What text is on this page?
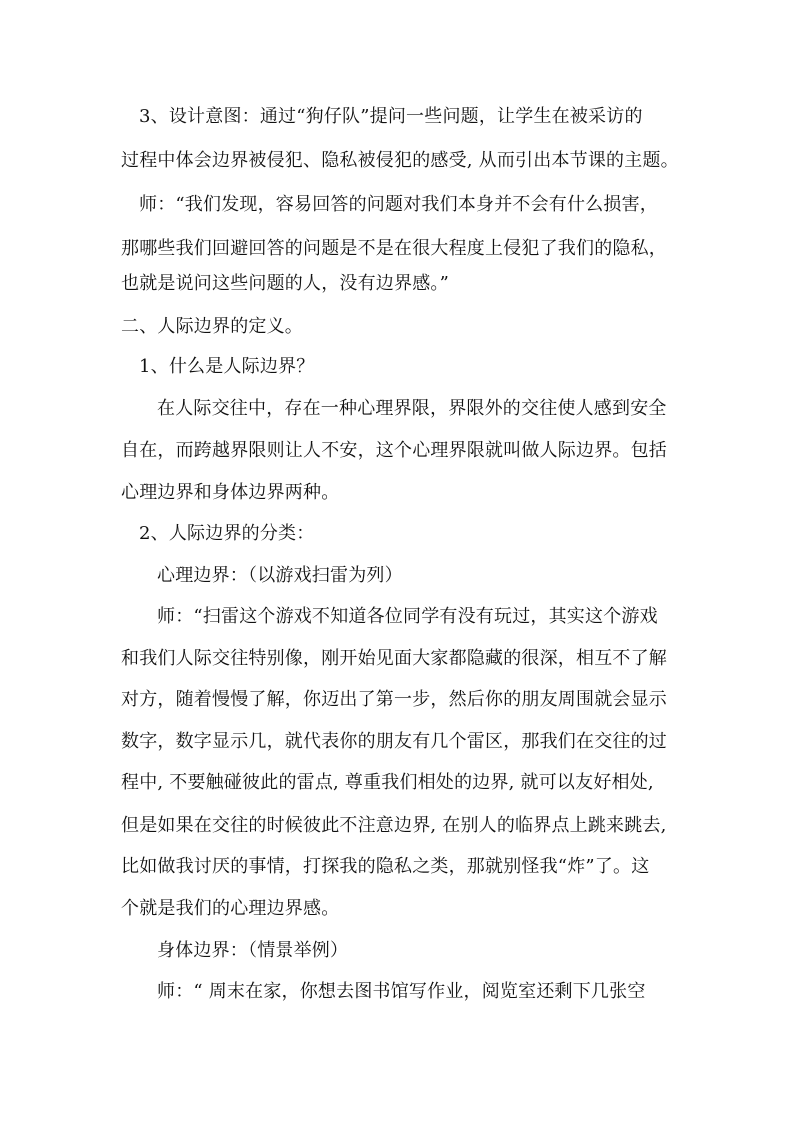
3、设计意图：通过“狗仔队”提问一些问题，让学生在被采访的
过程中体会边界被侵犯、隐私被侵犯的感受, 从而引出本节课的主题。
师：“我们发现，容易回答的问题对我们本身并不会有什么损害，
那哪些我们回避回答的问题是不是在很大程度上侵犯了我们的隐私，
也就是说问这些问题的人，没有边界感。”
二、人际边界的定义。
1、什么是人际边界？
在人际交往中，存在一种心理界限，界限外的交往使人感到安全
自在，而跨越界限则让人不安，这个心理界限就叫做人际边界。包括
心理边界和身体边界两种。
2、人际边界的分类：
心理边界：（以游戏扫雷为列）
师：“扫雷这个游戏不知道各位同学有没有玩过，其实这个游戏
和我们人际交往特别像，刚开始见面大家都隐藏的很深，相互不了解
对方，随着慢慢了解，你迈出了第一步，然后你的朋友周围就会显示
数字，数字显示几，就代表你的朋友有几个雷区，那我们在交往的过
程中, 不要触碰彼此的雷点, 尊重我们相处的边界, 就可以友好相处,
但是如果在交往的时候彼此不注意边界, 在别人的临界点上跳来跳去,
比如做我讨厌的事情，打探我的隐私之类，那就别怪我“炸”了。这
个就是我们的心理边界感。
身体边界：（情景举例）
师：“ 周末在家，你想去图书馆写作业，阅览室还剩下几张空
